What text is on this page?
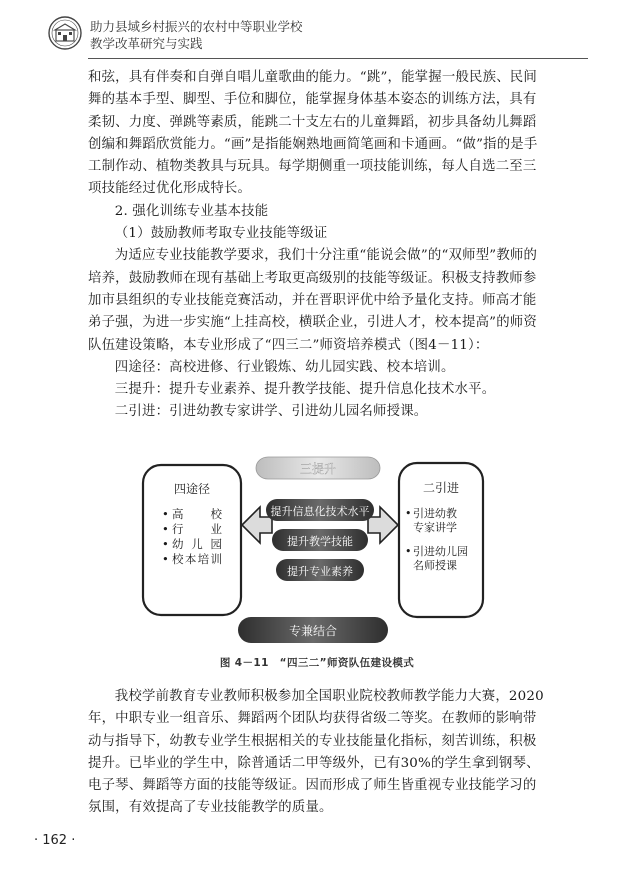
助力县域乡村振兴的农村中等职业学校
教学改革研究与实践

和弦，具有伴奏和自弹自唱儿童歌曲的能力。“跳”，能掌握一般民族、民间舞的基本手型、脚型、手位和脚位，能掌握身体基本姿态的训练方法，具有柔韧、力度、弹跳等素质，能跳二十支左右的儿童舞蹈，初步具备幼儿舞蹈创编和舞蹈欣赏能力。“画”是指能娴熟地画简笔画和卡通画。“做”指的是手工制作动、植物类教具与玩具。每学期侧重一项技能训练，每人自选二至三项技能经过优化形成特长。

2. 强化训练专业基本技能

（1）鼓励教师考取专业技能等级证

为适应专业技能教学要求，我们十分注重“能说会做”的“双师型”教师的培养，鼓励教师在现有基础上考取更高级别的技能等级证。积极支持教师参加市县组织的专业技能竞赛活动，并在晋职评优中给予量化支持。师高才能弟子强，为进一步实施“上挂高校，横联企业，引进人才，校本提高”的师资队伍建设策略，本专业形成了“四三二”师资培养模式（图4－11）：

四途径：高校进修、行业锻炼、幼儿园实践、校本培训。

三提升：提升专业素养、提升教学技能、提升信息化技术水平。

二引进：引进幼教专家讲学、引进幼儿园名师授课。

四途径
• 高校
• 行业
• 幼儿园
• 校本培训
二引进
• 引进幼教
专家讲学
• 引进幼儿园
名师授课
三提升
提升信息化技术水平
提升教学技能
提升专业素养
专兼结合
图 4－11　“四三二”师资队伍建设模式

我校学前教育专业教师积极参加全国职业院校教师教学能力大赛，2020年，中职专业一组音乐、舞蹈两个团队均获得省级二等奖。在教师的影响带动与指导下，幼教专业学生根据相关的专业技能量化指标，刻苦训练，积极提升。已毕业的学生中，除普通话二甲等级外，已有30%的学生拿到钢琴、电子琴、舞蹈等方面的技能等级证。因而形成了师生皆重视专业技能学习的氛围，有效提高了专业技能教学的质量。

· 162 ·
